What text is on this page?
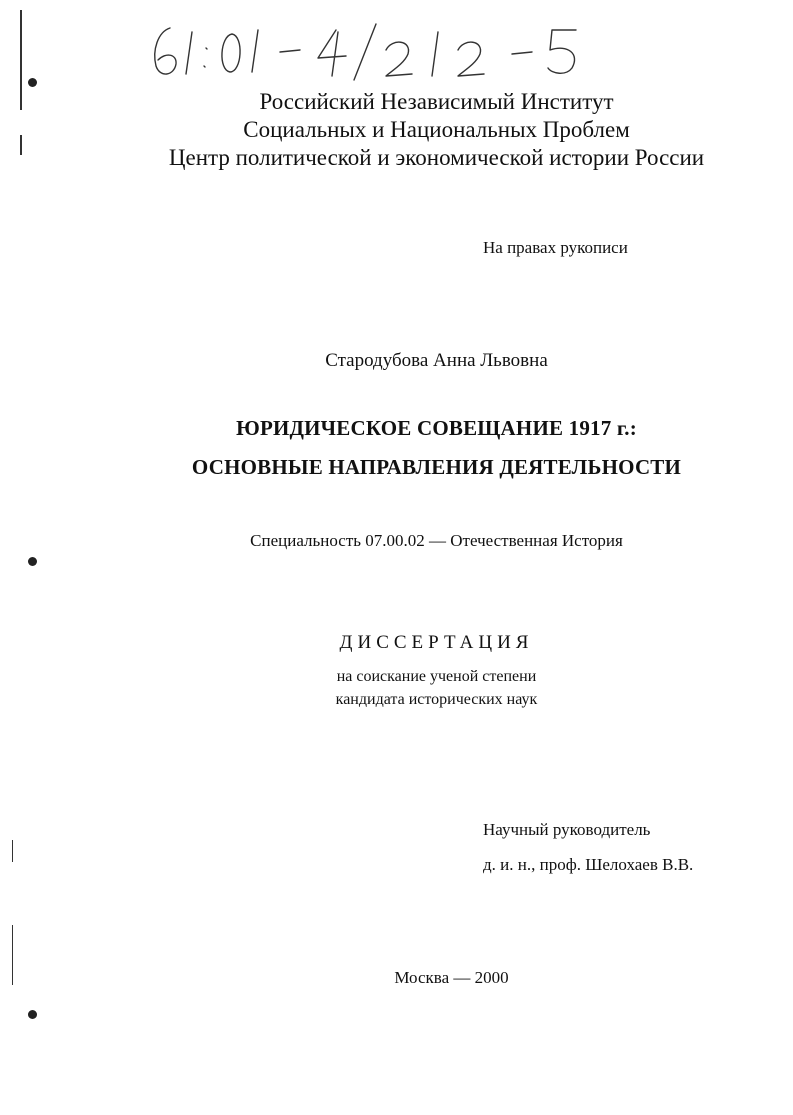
Российский Независимый Институт
Социальных и Национальных Проблем
Центр политической и экономической истории России
На правах рукописи
Стародубова Анна Львовна
ЮРИДИЧЕСКОЕ СОВЕЩАНИЕ 1917 г.:
ОСНОВНЫЕ НАПРАВЛЕНИЯ ДЕЯТЕЛЬНОСТИ
Специальность 07.00.02 — Отечественная История
ДИССЕРТАЦИЯ
на соискание ученой степени
кандидата исторических наук
Научный руководитель
д. и. н., проф. Шелохаев В.В.
Москва — 2000
